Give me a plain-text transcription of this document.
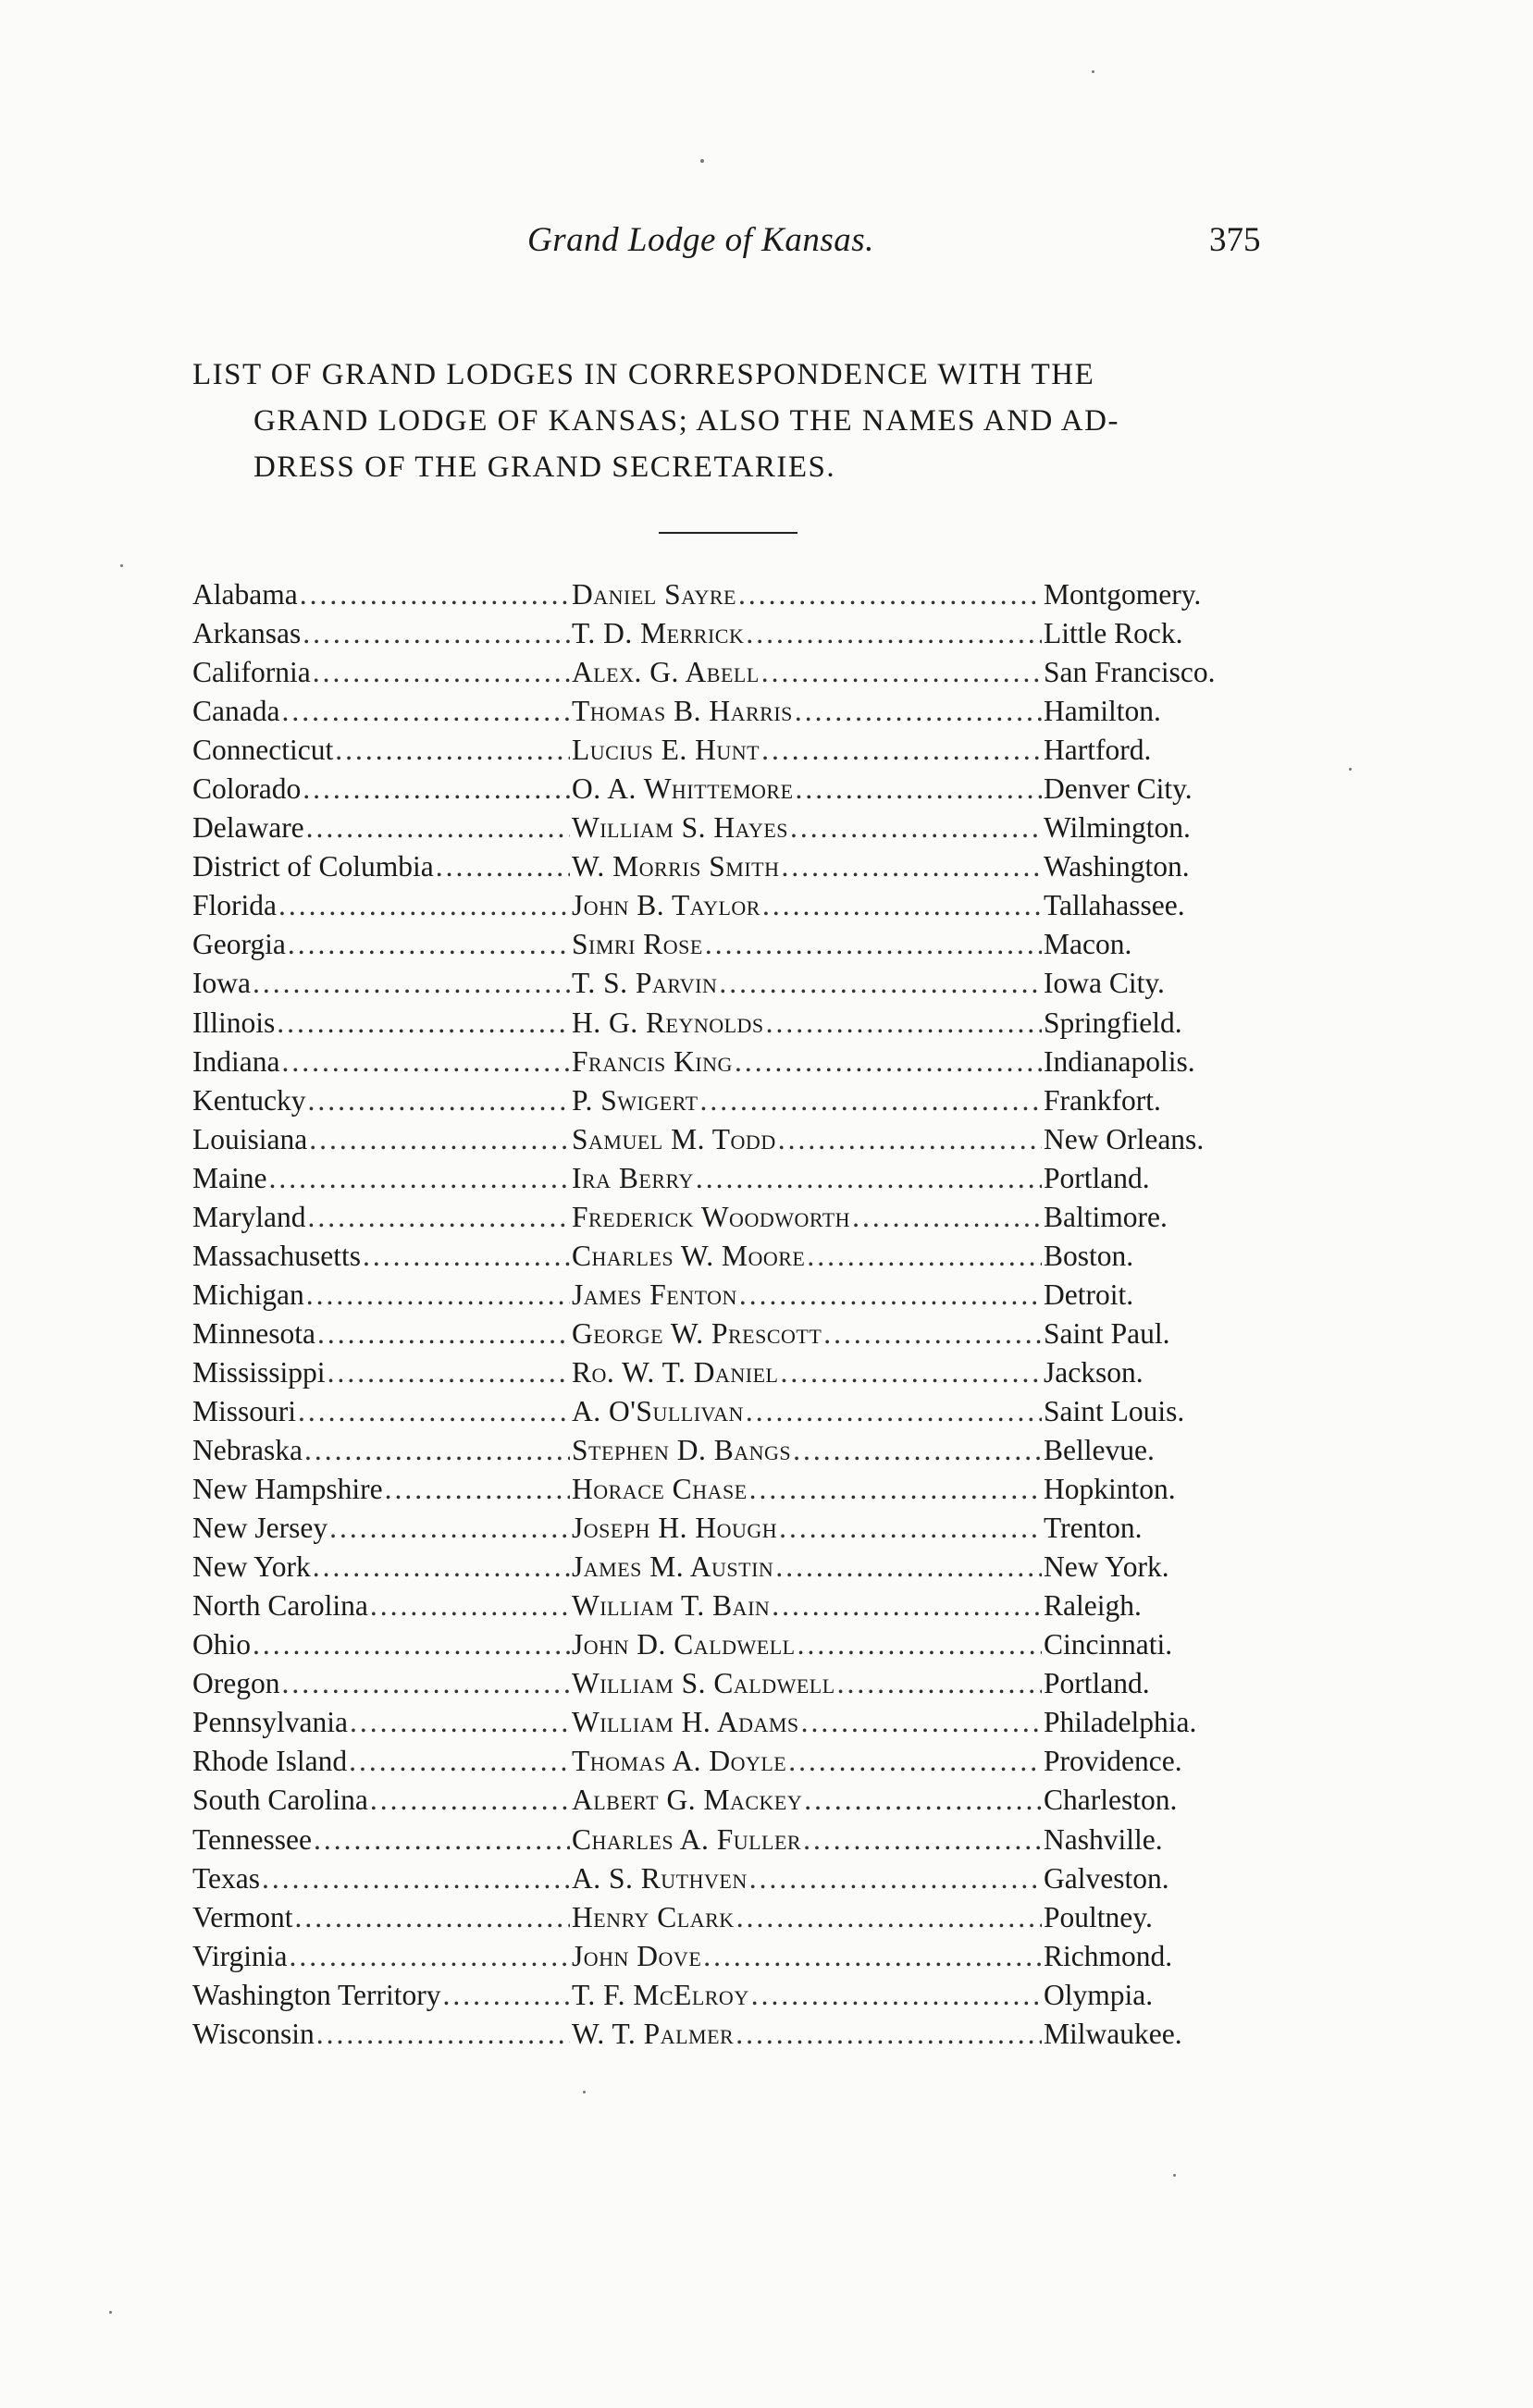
Grand Lodge of Kansas.	375
LIST OF GRAND LODGES IN CORRESPONDENCE WITH THE
GRAND LODGE OF KANSAS; ALSO THE NAMES AND AD-
DRESS OF THE GRAND SECRETARIES.
Alabama .....	Daniel Sayre .....	Montgomery.
Arkansas .....	T. D. Merrick .....	Little Rock.
California .....	Alex. G. Abell .....	San Francisco.
Canada .....	Thomas B. Harris .....	Hamilton.
Connecticut .....	Lucius E. Hunt .....	Hartford.
Colorado .....	O. A. Whittemore .....	Denver City.
Delaware .....	William S. Hayes .....	Wilmington.
District of Columbia .....	W. Morris Smith .....	Washington.
Florida .....	John B. Taylor .....	Tallahassee.
Georgia .....	Simri Rose .....	Macon.
Iowa .....	T. S. Parvin .....	Iowa City.
Illinois .....	H. G. Reynolds .....	Springfield.
Indiana .....	Francis King .....	Indianapolis.
Kentucky .....	P. Swigert .....	Frankfort.
Louisiana .....	Samuel M. Todd .....	New Orleans.
Maine .....	Ira Berry .....	Portland.
Maryland .....	Frederick Woodworth .....	Baltimore.
Massachusetts .....	Charles W. Moore .....	Boston.
Michigan .....	James Fenton .....	Detroit.
Minnesota .....	George W. Prescott .....	Saint Paul.
Mississippi .....	Ro. W. T. Daniel .....	Jackson.
Missouri .....	A. O'Sullivan .....	Saint Louis.
Nebraska .....	Stephen D. Bangs .....	Bellevue.
New Hampshire .....	Horace Chase .....	Hopkinton.
New Jersey .....	Joseph H. Hough .....	Trenton.
New York .....	James M. Austin .....	New York.
North Carolina .....	William T. Bain .....	Raleigh.
Ohio .....	John D. Caldwell .....	Cincinnati.
Oregon .....	William S. Caldwell .....	Portland.
Pennsylvania .....	William H. Adams .....	Philadelphia.
Rhode Island .....	Thomas A. Doyle .....	Providence.
South Carolina .....	Albert G. Mackey .....	Charleston.
Tennessee .....	Charles A. Fuller .....	Nashville.
Texas .....	A. S. Ruthven .....	Galveston.
Vermont .....	Henry Clark .....	Poultney.
Virginia .....	John Dove .....	Richmond.
Washington Territory .....	T. F. McElroy .....	Olympia.
Wisconsin .....	W. T. Palmer .....	Milwaukee.
